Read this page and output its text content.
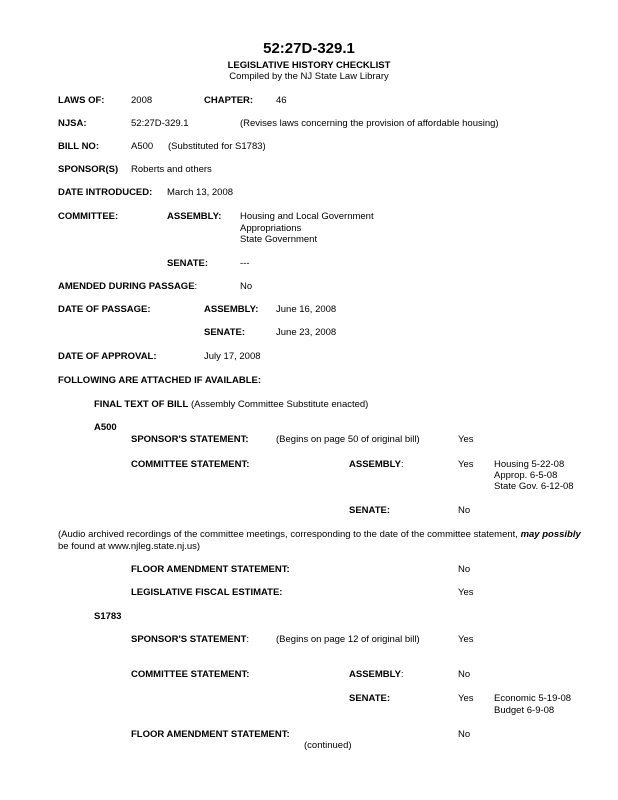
52:27D-329.1
LEGISLATIVE HISTORY CHECKLIST
Compiled by the NJ State Law Library
LAWS OF:	2008	CHAPTER: 46
NJSA:	52:27D-329.1	(Revises laws concerning the provision of affordable housing)
BILL NO:	A500 (Substituted for S1783)
SPONSOR(S) Roberts and others
DATE INTRODUCED: March 13, 2008
COMMITTEE:	ASSEMBLY: Housing and Local Government
Appropriations
State Government
SENATE:	---
AMENDED DURING PASSAGE:	No
DATE OF PASSAGE:	ASSEMBLY: June 16, 2008
SENATE:	June 23, 2008
DATE OF APPROVAL:	July 17, 2008
FOLLOWING ARE ATTACHED IF AVAILABLE:
FINAL TEXT OF BILL (Assembly Committee Substitute enacted)
A500
SPONSOR'S STATEMENT:	(Begins on page 50 of original bill)	Yes
COMMITTEE STATEMENT:	ASSEMBLY:	Yes Housing 5-22-08
Approp. 6-5-08
State Gov. 6-12-08
SENATE:	No
(Audio archived recordings of the committee meetings, corresponding to the date of the committee statement, may possibly
be found at www.njleg.state.nj.us)
FLOOR AMENDMENT STATEMENT:	No
LEGISLATIVE FISCAL ESTIMATE:	Yes
S1783
SPONSOR'S STATEMENT:	(Begins on page 12 of original bill)	Yes
COMMITTEE STATEMENT:	ASSEMBLY:	No
SENATE:	Yes Economic 5-19-08
Budget 6-9-08
FLOOR AMENDMENT STATEMENT:	No
(continued)
